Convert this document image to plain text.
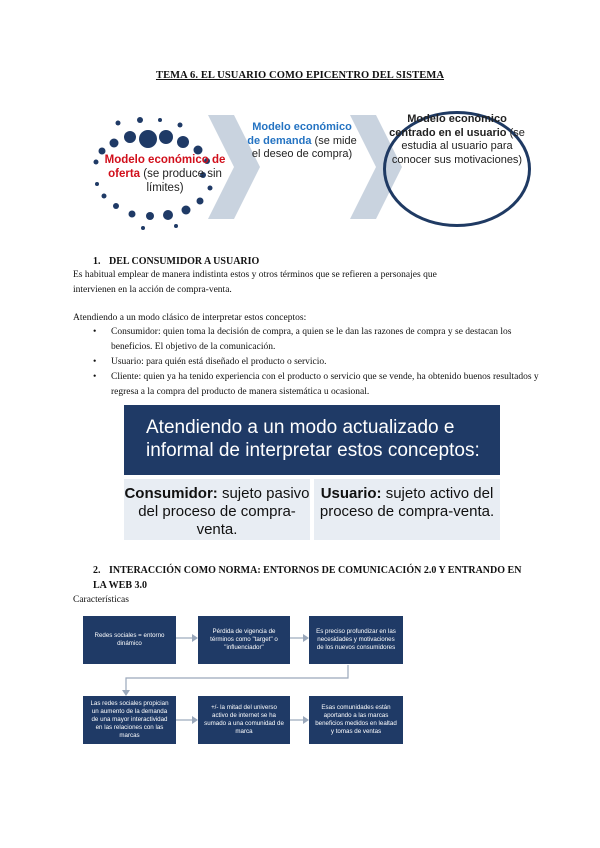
TEMA 6. EL USUARIO COMO EPICENTRO DEL SISTEMA
Modelo económico de oferta (se produce sin límites)
Modelo económico de demanda (se mide el deseo de compra)
Modelo económico centrado en el usuario (se estudia al usuario para conocer sus motivaciones)
1. DEL CONSUMIDOR A USUARIO
Es habitual emplear de manera indistinta estos y otros términos que se refieren a personajes que
intervienen en la acción de compra-venta.
Atendiendo a un modo clásico de interpretar estos conceptos:
• Consumidor: quien toma la decisión de compra, a quien se le dan las razones de compra y se destacan los beneficios. El objetivo de la comunicación.
• Usuario: para quién está diseñado el producto o servicio.
• Cliente: quien ya ha tenido experiencia con el producto o servicio que se vende, ha obtenido buenos resultados y regresa a la compra del producto de manera sistemática u ocasional.
Atendiendo a un modo actualizado e informal de interpretar estos conceptos:
Consumidor: sujeto pasivo del proceso de compra-venta.
Usuario: sujeto activo del proceso de compra-venta.
2. INTERACCIÓN COMO NORMA: ENTORNOS DE COMUNICACIÓN 2.0 Y ENTRANDO EN LA WEB 3.0
Características
Redes sociales = entorno dinámico
Pérdida de vigencia de términos como "target" o "influenciador"
Es preciso profundizar en las necesidades y motivaciones de los nuevos consumidores
Las redes sociales propician un aumento de la demanda de una mayor interactividad en las relaciones con las marcas
+/- la mitad del universo activo de internet se ha sumado a una comunidad de marca
Esas comunidades están aportando a las marcas beneficios medidos en lealtad y tomas de ventas
